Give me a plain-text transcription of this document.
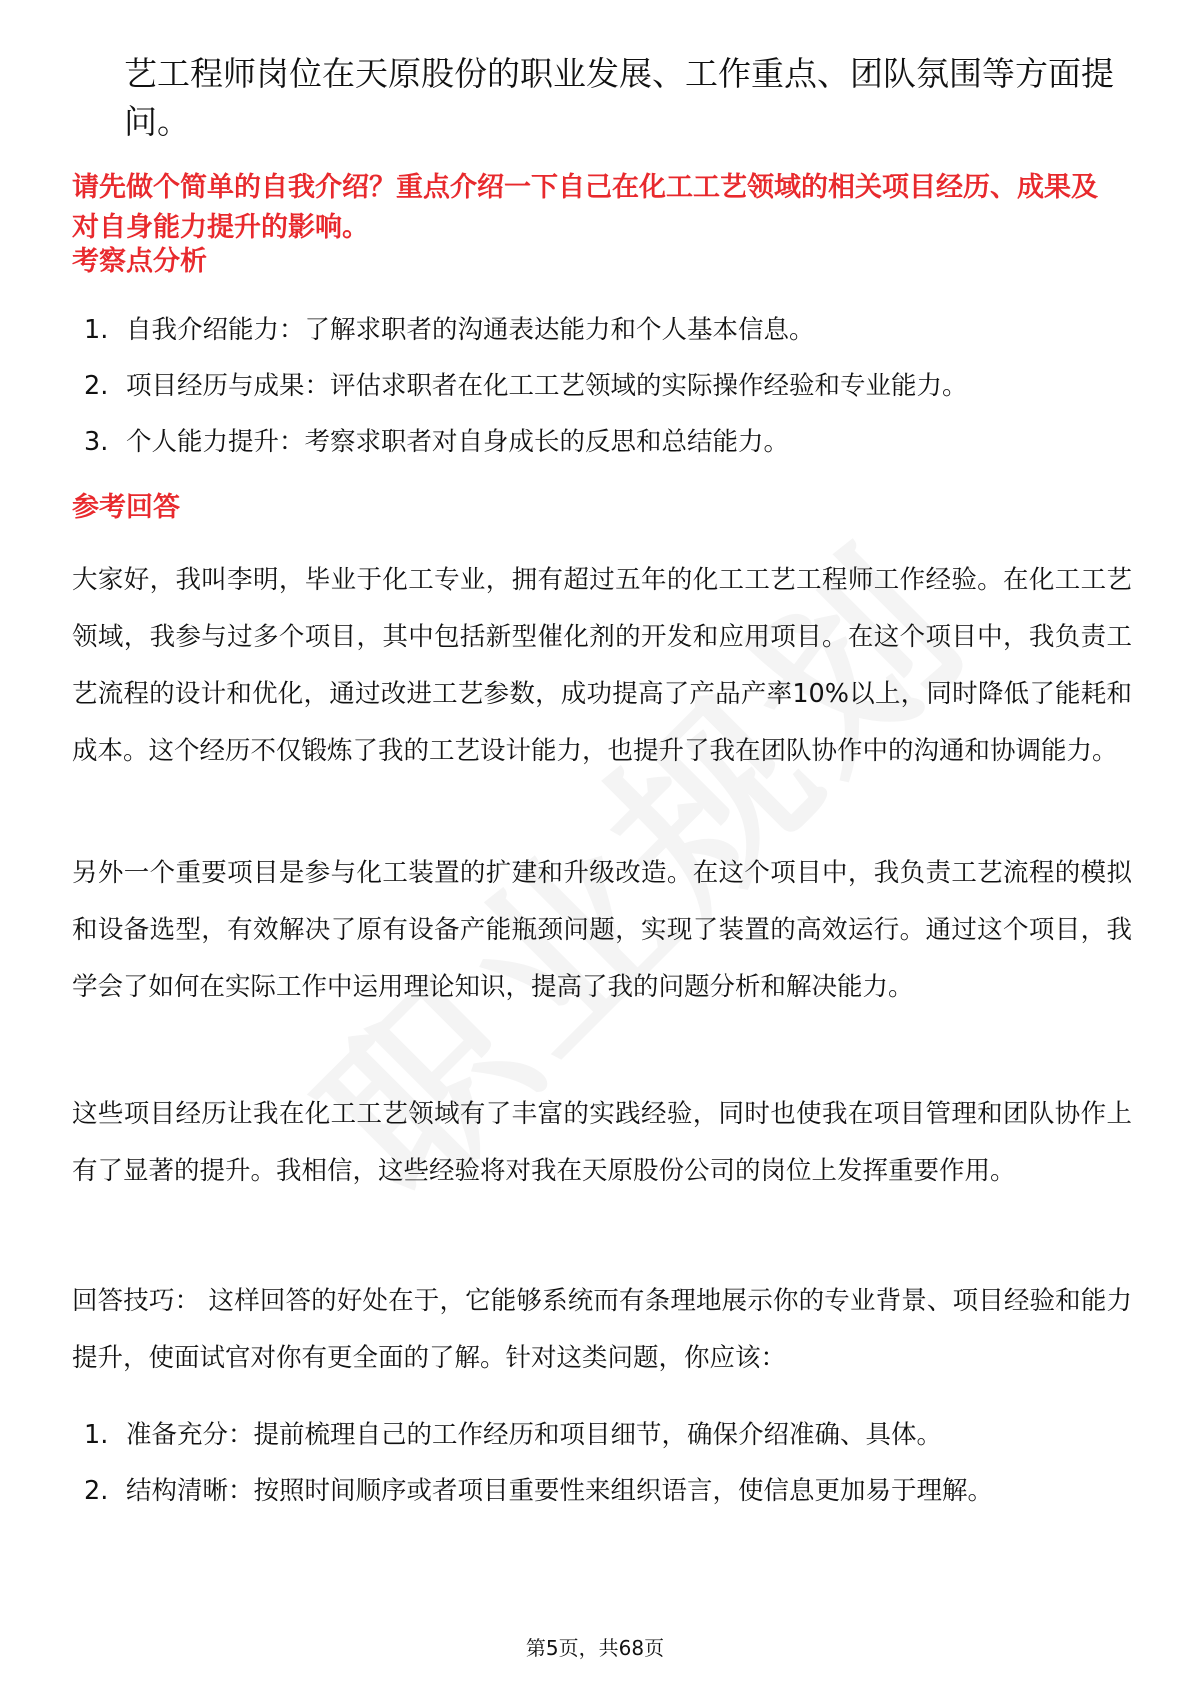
艺工程师岗位在天原股份的职业发展、工作重点、团队氛围等方面提问。
请先做个简单的自我介绍？重点介绍一下自己在化工工艺领域的相关项目经历、成果及对自身能力提升的影响。
考察点分析
1. 自我介绍能力：了解求职者的沟通表达能力和个人基本信息。
2. 项目经历与成果：评估求职者在化工工艺领域的实际操作经验和专业能力。
3. 个人能力提升：考察求职者对自身成长的反思和总结能力。
参考回答
大家好，我叫李明，毕业于化工专业，拥有超过五年的化工工艺工程师工作经验。在化工工艺领域，我参与过多个项目，其中包括新型催化剂的开发和应用项目。在这个项目中，我负责工艺流程的设计和优化，通过改进工艺参数，成功提高了产品产率10%以上，同时降低了能耗和成本。这个经历不仅锻炼了我的工艺设计能力，也提升了我在团队协作中的沟通和协调能力。
另外一个重要项目是参与化工装置的扩建和升级改造。在这个项目中，我负责工艺流程的模拟和设备选型，有效解决了原有设备产能瓶颈问题，实现了装置的高效运行。通过这个项目，我学会了如何在实际工作中运用理论知识，提高了我的问题分析和解决能力。
这些项目经历让我在化工工艺领域有了丰富的实践经验，同时也使我在项目管理和团队协作上有了显著的提升。我相信，这些经验将对我在天原股份公司的岗位上发挥重要作用。
回答技巧： 这样回答的好处在于，它能够系统而有条理地展示你的专业背景、项目经验和能力提升，使面试官对你有更全面的了解。针对这类问题，你应该：
1. 准备充分：提前梳理自己的工作经历和项目细节，确保介绍准确、具体。
2. 结构清晰：按照时间顺序或者项目重要性来组织语言，使信息更加易于理解。
第5页，共68页
